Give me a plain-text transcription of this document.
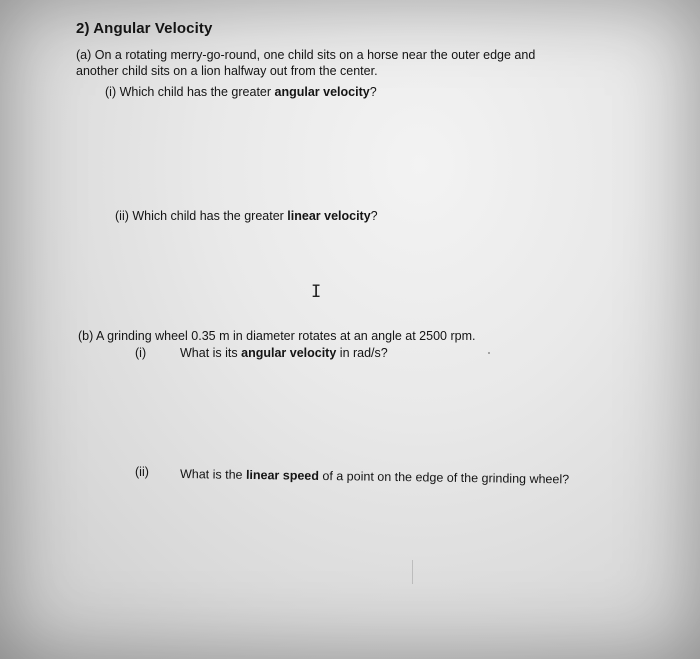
2) Angular Velocity
(a) On a rotating merry-go-round, one child sits on a horse near the outer edge and
another child sits on a lion halfway out from the center.
(i) Which child has the greater angular velocity?
(ii) Which child has the greater linear velocity?
I
(b) A grinding wheel 0.35 m in diameter rotates at an angle at 2500 rpm.
(i)	What is its angular velocity in rad/s?
(ii) What is the linear speed of a point on the edge of the grinding wheel?
